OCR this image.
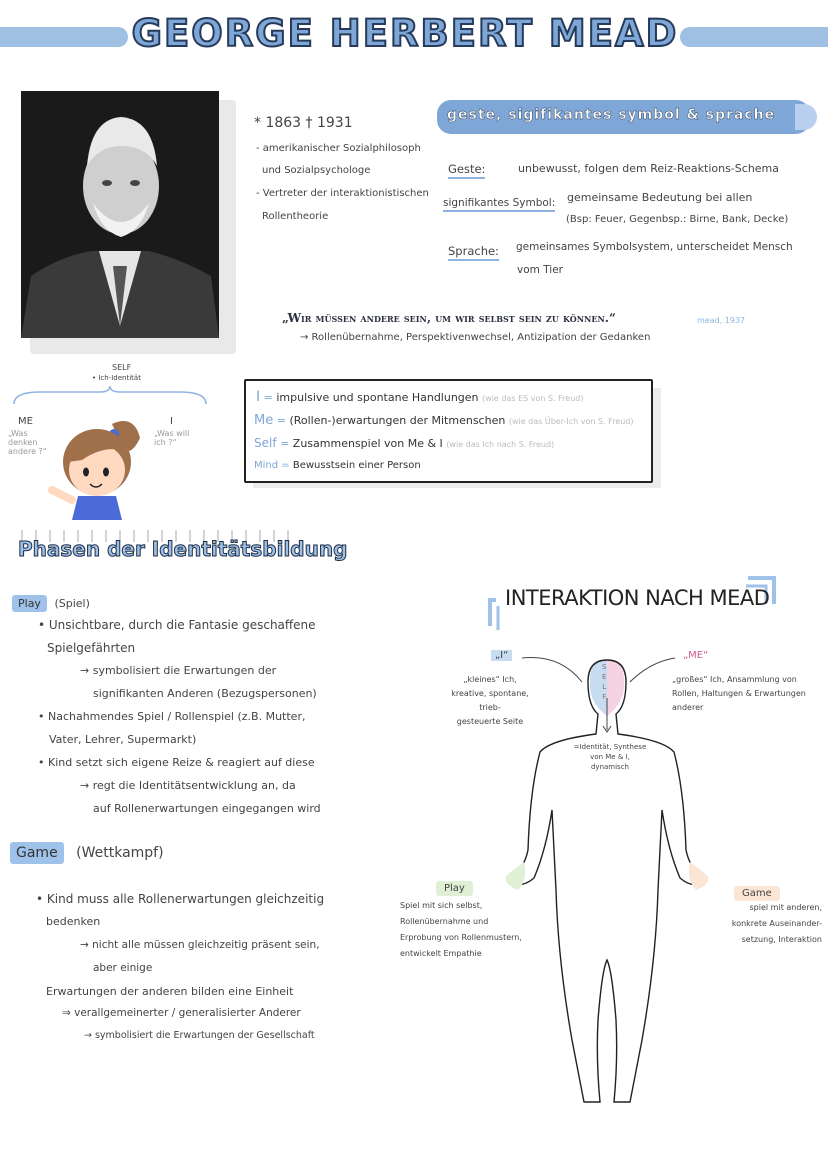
GEORGE HERBERT MEAD
* 1863 † 1931
- amerikanischer Sozialphilosoph
und Sozialpsychologe
- Vertreter der interaktionistischen
Rollentheorie
geste, sigifikantes symbol & sprache
Geste:	unbewusst, folgen dem Reiz-Reaktions-Schema
signifikantes Symbol: gemeinsame Bedeutung bei allen
(Bsp: Feuer, Gegenbsp.: Birne, Bank, Decke)
Sprache: gemeinsames Symbolsystem, unterscheidet Mensch
vom Tier
„Wir müssen andere sein, um wir selbst sein zu können.“	mead, 1937
→ Rollenübernahme, Perspektivenwechsel, Antizipation der Gedanken
SELF
• Ich-Identität
ME
„Was denken andere ?“
I
„Was will ich ?“
I = impulsive und spontane Handlungen (wie das ES von S. Freud)
Me = (Rollen-)erwartungen der Mitmenschen (wie das Über-Ich von S. Freud)
Self = Zusammenspiel von Me & I (wie das Ich nach S. Freud)
Mind = Bewusstsein einer Person
Phasen der Identitätsbildung
Play (Spiel)
• Unsichtbare, durch die Fantasie geschaffene
Spielgefährten
→ symbolisiert die Erwartungen der
signifikanten Anderen (Bezugspersonen)
• Nachahmendes Spiel / Rollenspiel (z.B. Mutter,
Vater, Lehrer, Supermarkt)
• Kind setzt sich eigene Reize & reagiert auf diese
→ regt die Identitätsentwicklung an, da
auf Rollenerwartungen eingegangen wird
Game (Wettkampf)
• Kind muss alle Rollenerwartungen gleichzeitig
bedenken
→ nicht alle müssen gleichzeitig präsent sein,
aber einige
Erwartungen der anderen bilden eine Einheit
⇒ verallgemeinerter / generalisierter Anderer
→ symbolisiert die Erwartungen der Gesellschaft
INTERAKTION NACH MEAD
„I“
„kleines“ Ich,
kreative, spontane, trieb-
gesteuerte Seite
„ME“
„großes“ Ich, Ansammlung von
Rollen, Haltungen & Erwartungen
anderer
S
E
L
F
=Identität, Synthese
von Me & I,
dynamisch
Play
Spiel mit sich selbst,
Rollenübernahme und
Erprobung von Rollenmustern,
entwickelt Empathie
Game
spiel mit anderen,
konkrete Auseinander-
setzung, Interaktion
